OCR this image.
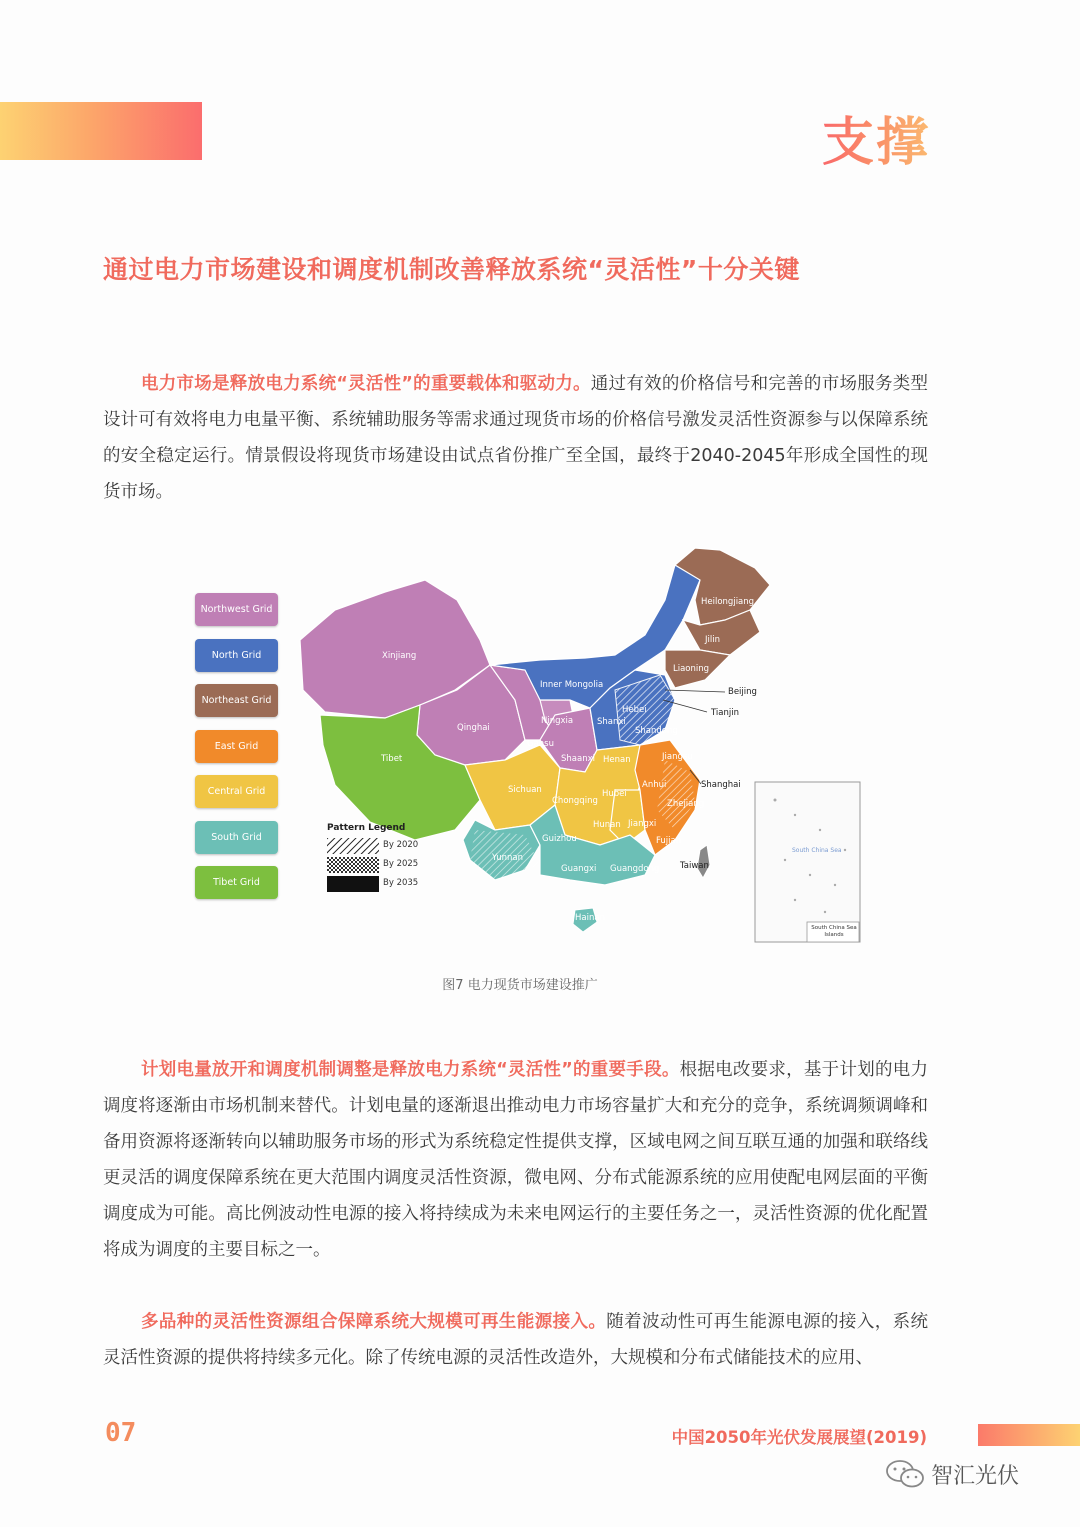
支撑
通过电力市场建设和调度机制改善释放系统“灵活性”十分关键

电力市场是释放电力系统“灵活性”的重要载体和驱动力。通过有效的价格信号和完善的市场服务类型设计可有效将电力电量平衡、系统辅助服务等需求通过现货市场的价格信号激发灵活性资源参与以保障系统的安全稳定运行。情景假设将现货市场建设由试点省份推广至全国，最终于2040-2045年形成全国性的现货市场。

Northwest Grid
North Grid
Northeast Grid
East Grid
Central Grid
South Grid
Tibet Grid
Pattern Legend
By 2020
By 2025
By 2035
Xinjiang
Tibet
Qinghai
Gansu
Ningxia
Shaanxi
Inner Mongolia
Heilongjiang
Jilin
Liaoning
Beijing
Tianjin
Hebei
Shanxi
Shandong
Henan	Jiangsu
Shanghai
Anhui
Zhejiang
Fujian
Hubei
Hunan Jiangxi
Sichuan
Chongqing
Guizhou
Yunnan
Guangxi Guangdong
Hainan
Taiwan
South China Sea
South China Sea Islands
图7 电力现货市场建设推广

计划电量放开和调度机制调整是释放电力系统“灵活性”的重要手段。根据电改要求，基于计划的电力调度将逐渐由市场机制来替代。计划电量的逐渐退出推动电力市场容量扩大和充分的竞争，系统调频调峰和备用资源将逐渐转向以辅助服务市场的形式为系统稳定性提供支撑，区域电网之间互联互通的加强和联络线更灵活的调度保障系统在更大范围内调度灵活性资源，微电网、分布式能源系统的应用使配电网层面的平衡调度成为可能。高比例波动性电源的接入将持续成为未来电网运行的主要任务之一，灵活性资源的优化配置将成为调度的主要目标之一。

多品种的灵活性资源组合保障系统大规模可再生能源接入。随着波动性可再生能源电源的接入，系统灵活性资源的提供将持续多元化。除了传统电源的灵活性改造外，大规模和分布式储能技术的应用、

07	中国2050年光伏发展展望(2019)
智汇光伏
